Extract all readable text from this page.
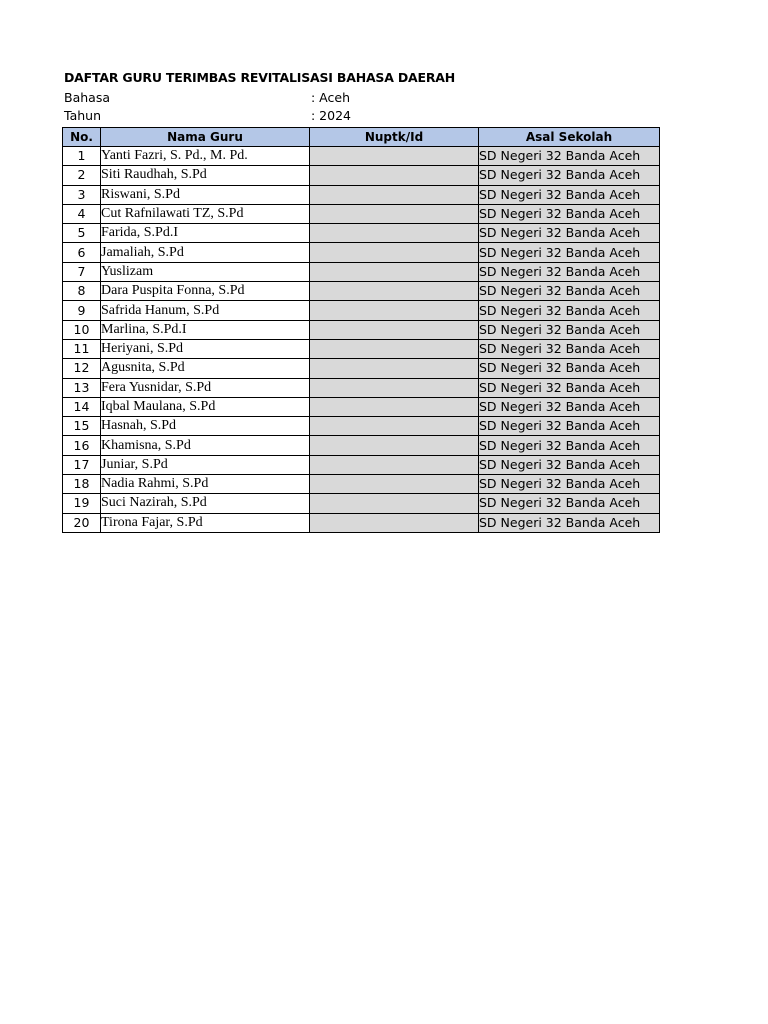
DAFTAR GURU TERIMBAS REVITALISASI BAHASA DAERAH
Bahasa	: Aceh
Tahun	: 2024
No.	Nama Guru	Nuptk/Id	Asal Sekolah
1	Yanti Fazri, S. Pd., M. Pd.		SD Negeri 32 Banda Aceh
2	Siti Raudhah, S.Pd		SD Negeri 32 Banda Aceh
3	Riswani, S.Pd		SD Negeri 32 Banda Aceh
4	Cut Rafnilawati TZ, S.Pd		SD Negeri 32 Banda Aceh
5	Farida, S.Pd.I		SD Negeri 32 Banda Aceh
6	Jamaliah, S.Pd		SD Negeri 32 Banda Aceh
7	Yuslizam		SD Negeri 32 Banda Aceh
8	Dara Puspita Fonna, S.Pd		SD Negeri 32 Banda Aceh
9	Safrida Hanum, S.Pd		SD Negeri 32 Banda Aceh
10	Marlina, S.Pd.I		SD Negeri 32 Banda Aceh
11	Heriyani, S.Pd		SD Negeri 32 Banda Aceh
12	Agusnita, S.Pd		SD Negeri 32 Banda Aceh
13	Fera Yusnidar, S.Pd		SD Negeri 32 Banda Aceh
14	Iqbal Maulana, S.Pd		SD Negeri 32 Banda Aceh
15	Hasnah, S.Pd		SD Negeri 32 Banda Aceh
16	Khamisna, S.Pd		SD Negeri 32 Banda Aceh
17	Juniar, S.Pd		SD Negeri 32 Banda Aceh
18	Nadia Rahmi, S.Pd		SD Negeri 32 Banda Aceh
19	Suci Nazirah, S.Pd		SD Negeri 32 Banda Aceh
20	Tirona Fajar, S.Pd		SD Negeri 32 Banda Aceh
